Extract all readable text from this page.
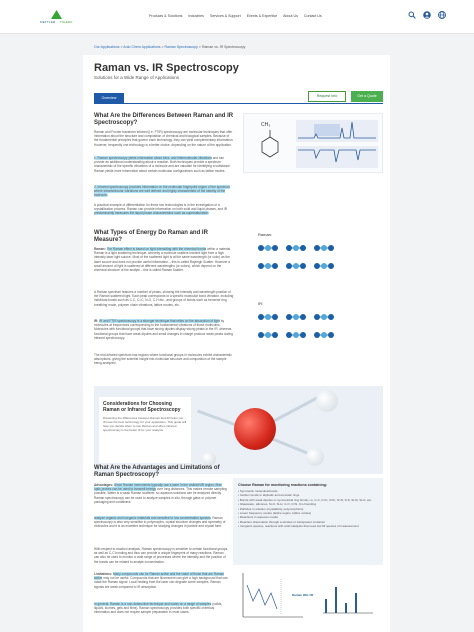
METTLER TOLEDO
Products & Solutions Industries Services & Support Events & Expertise About Us Contact Us
Our Applications > Auto Chem Applications > Raman Spectroscopy > Raman vs. IR Spectroscopy
Raman vs. IR Spectroscopy
Solutions for a Wide Range of Applications
Overview	Request Info	Get a Quote
What Are the Differences Between Raman and IR Spectroscopy?
Raman and Fourier transform infrared (i.e. FTIR) spectroscopy are molecular techniques that offer information about the structure and composition of chemical and biological samples. Because of the fundamental principles that govern each technology, they can yield complementary information. However, frequently one technology is a better choice, depending on the nature of the application.
1. Raman spectroscopy yields information about intra- and intermolecular vibrations and can provide an additional understanding about a reaction. Both techniques provide a spectrum characteristic of the specific vibrations of a molecule and are valuable for identifying a substance. Raman yields more information about certain molecular configurations such as lattice modes.
2. Infrared spectroscopy provides information on the molecular fingerprint region of the spectrum where intramolecular vibrations are well defined and highly characteristic of the identity of the molecule.
A practical example of differentiation for these two technologies is in the investigation of a crystallization process. Raman can provide information on both solid and liquid phases, and IR predominantly measures the liquid phase characteristics such as supersaturation.
CH₃
What Types of Energy Do Raman and IR Measure?
Raman: The Raman effect is based on light interacting with the chemical bonds within a material. Raman is a light scattering technique, whereby a molecule scatters incident light from a high intensity laser light source. Most of the scattered light is at the same wavelength (or color) as the laser source and does not provide useful information – this is called Rayleigh Scatter. However a small amount of light is scattered at different wavelengths (or colors), which depend on the chemical structure of the analyte – this is called Raman Scatter.
A Raman spectrum features a number of peaks, showing the intensity and wavelength position of the Raman scattered light. Each peak corresponds to a specific molecular bond vibration, including individual bonds such as C-C, C=C, N-O, C-H etc., and groups of bonds such as benzene ring breathing mode, polymer chain vibrations, lattice modes, etc.
IR: IR and FTIR spectroscopy is a stronger technique that relies on the absorption of light by molecules at frequencies corresponding to the fundamental vibrations of those molecules. Molecules with functional groups that have strong dipoles display strong peaks in the IR, whereas functional groups that have weak dipoles and small changes in charge produce weak peaks during infrared spectroscopy.
The mid-infrared spectrum has regions where functional groups in molecules exhibit characteristic absorptions, giving the scientist insight into molecular structure and composition of the sample being analyzed.
Raman:
IR:
Considerations for Choosing Raman or Infrared Spectroscopy
Dissecting the differences between Raman and IR helps you choose the best technology for your application. This guide will help you decide when to use Raman and when infrared spectroscopy is the better fit for your analysis.
What Are the Advantages and Limitations of Raman Spectroscopy?
Advantages: Since Raman instruments typically use a laser in the visible/NIR region, fiber optic probes can be used to transmit energy over long distances. This makes remote sampling possible. Water is a weak Raman scatterer, so aqueous solutions can be analyzed directly. Raman spectroscopy can be used to analyze samples in situ, through glass or polymer packaging and containers.
analyze organic and inorganic materials and sensitive to low concentration species. Raman spectroscopy is also very sensitive to polymorphs, crystal structure changes and symmetry of molecules and it is an excellent technique for studying changes in particle and crystal form.
With respect to reaction analysis, Raman spectroscopy is sensitive to certain functional groups, as well as C-C bonding and thus can provide a unique fingerprint of many reactions. Raman can also be used to monitor a wide range of processes where the intensity and the position of the bands can be related to analyte concentration.
Limitations: Many compounds can be Raman active and the value of those that are Raman active may not be useful. Compounds that are fluorescent can give a high background that can mask the Raman signal. Local heating from the laser can degrade some samples. Raman signals are weak compared to IR absorption.
In general, Raman is a non-destructive technique and works on a range of samples (solids, liquids, slurries, gels and films). Raman spectroscopy provides both specific chemical information and does not require sample preparation in most cases.
Choose Raman for monitoring reactions containing:
• Symmetric molecules/bonds
• Carbon bonds in aliphatic and aromatic rings
• Bonds with weak dipoles or symmetrical ring bonds, i.e. C-C, C=C, C≡C, N=N, S-S, Si-Si, Si-O, etc.
• Glassware, silicones, Si-O, Si-H, C-O, C=N, O-H bending
• Particles in solution (crystallinity, polymorphism)
• Lower frequency modes (lattice region, lattice modes)
• Reactions in aqueous media
• Reaction observation through a window or transparent container
• Inorganic species, reactions with solid catalysts that need low IR species of measurement
Raman 909 / IR
